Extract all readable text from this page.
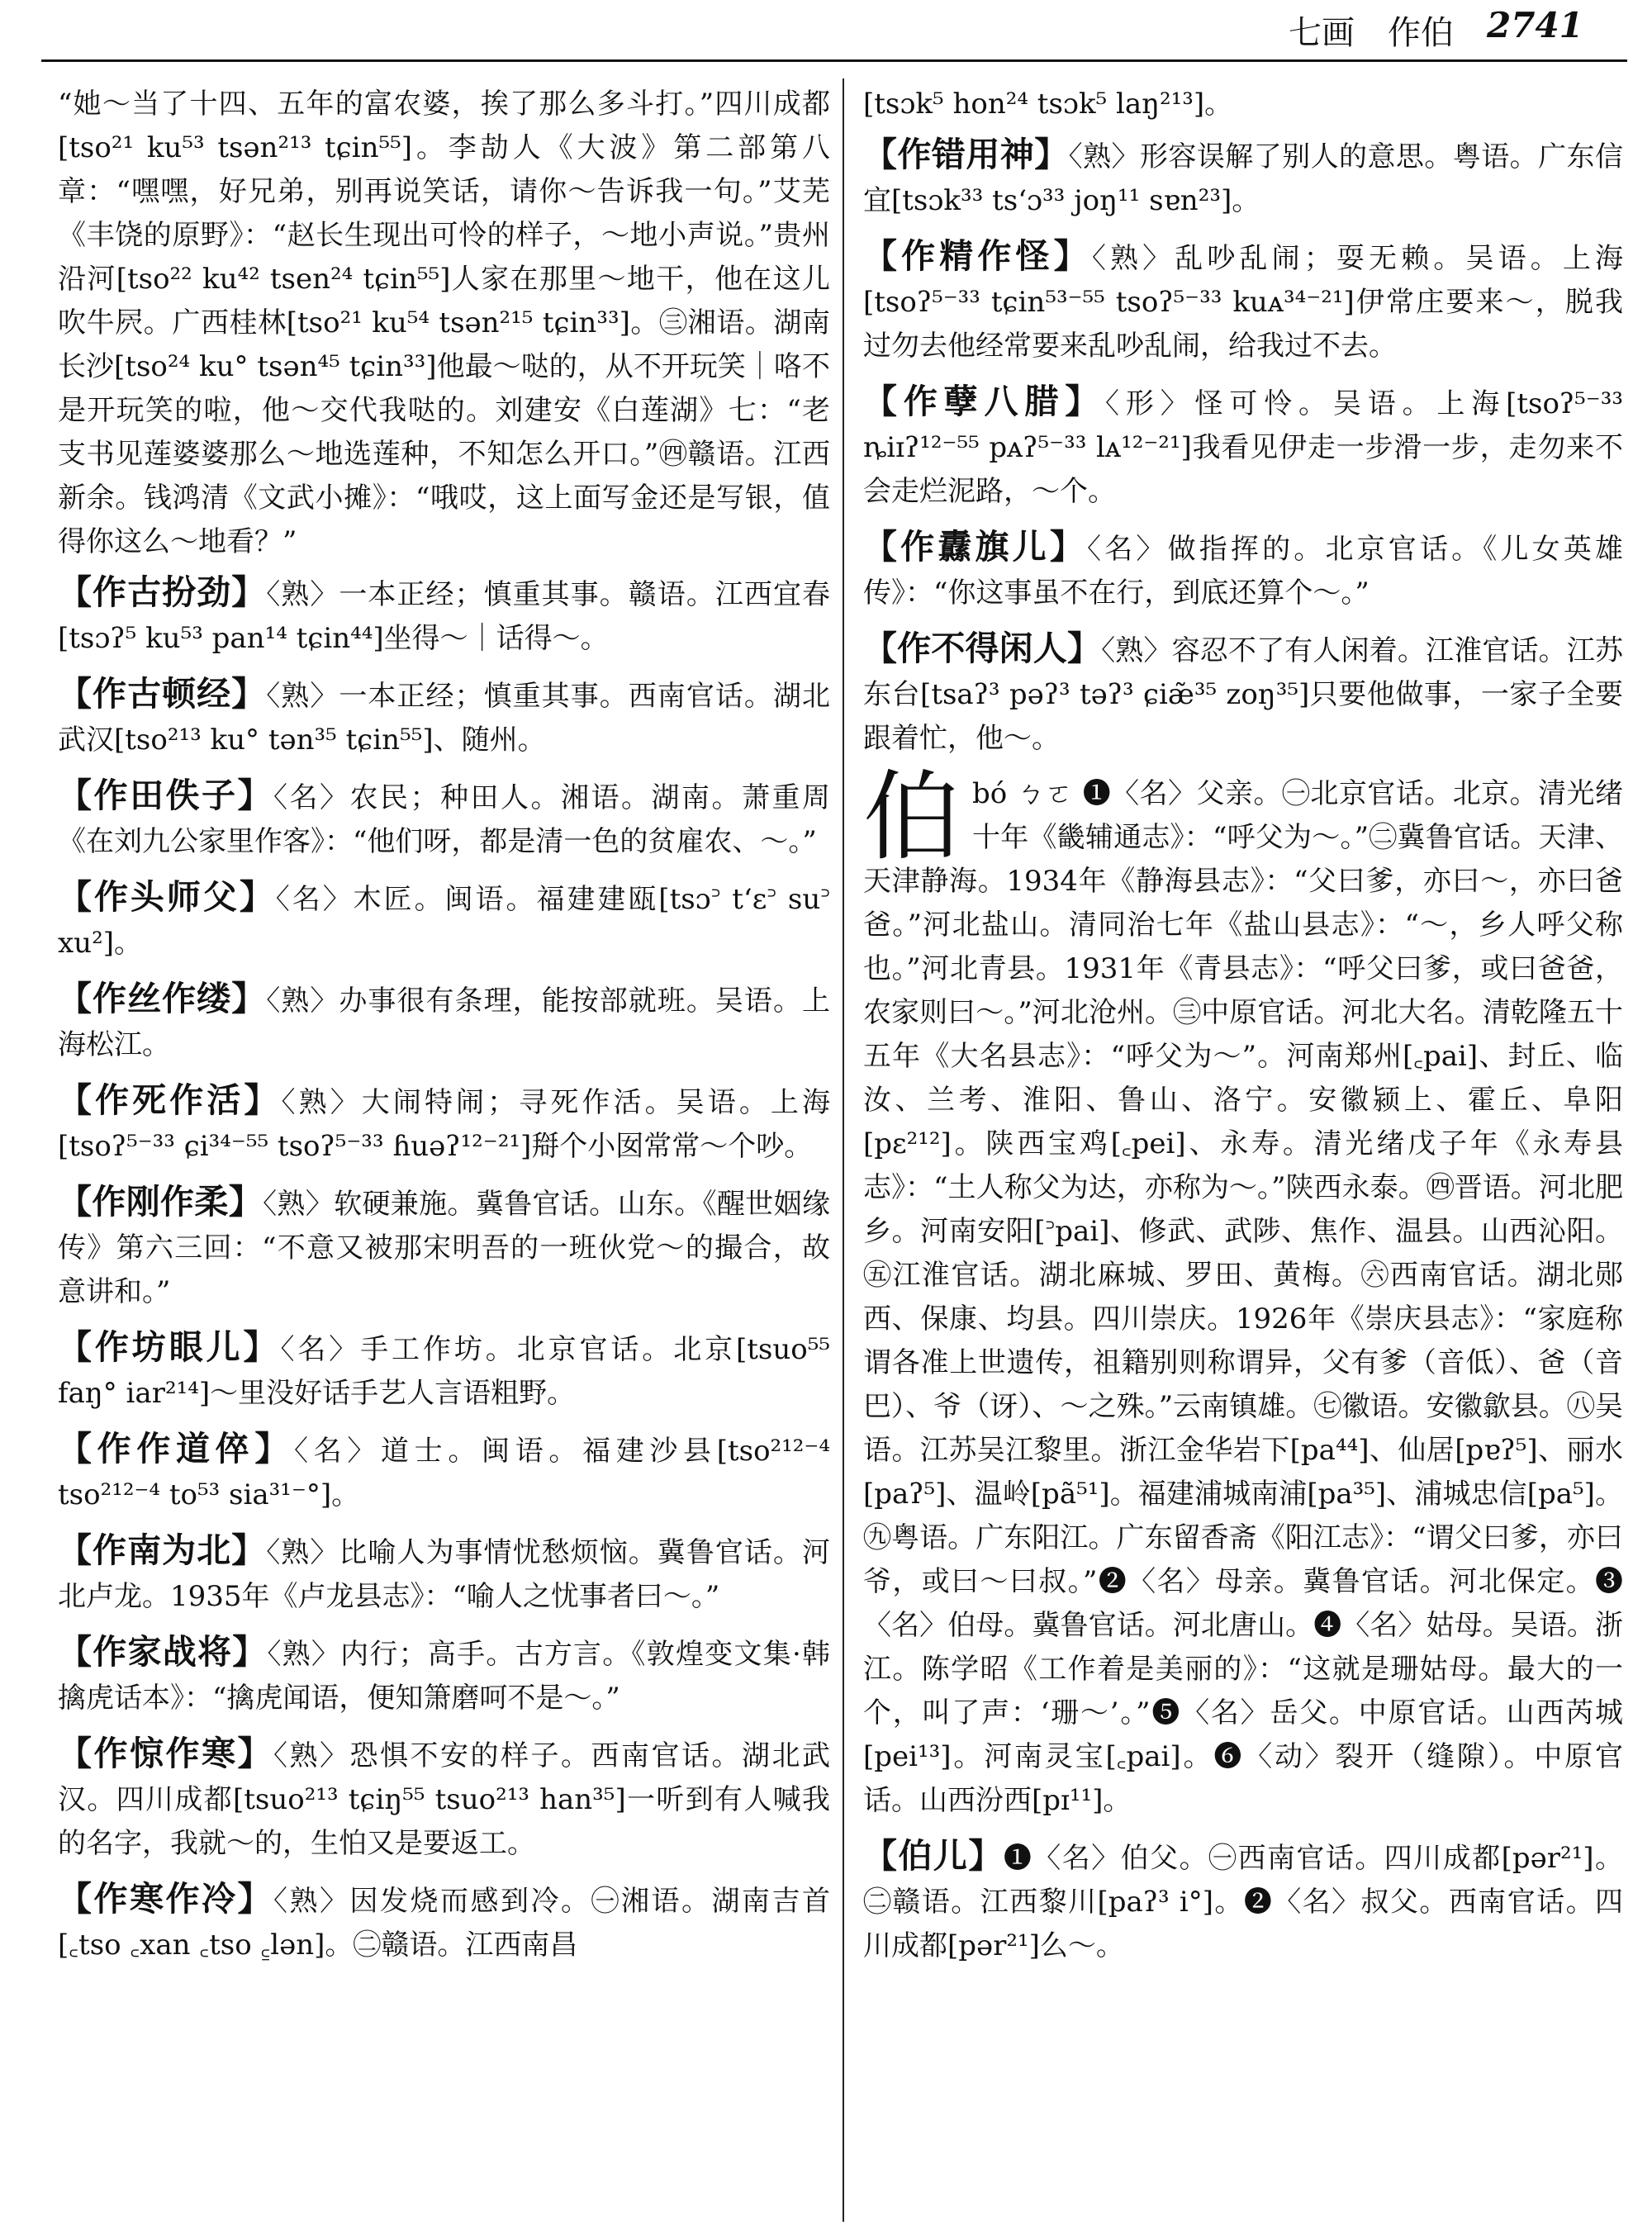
七画　作伯 2741

“她～当了十四、五年的富农婆，挨了那么多斗打。”四川成都[tso²¹ ku⁵³ tsən²¹³ tɕin⁵⁵]。李劼人《大波》第二部第八章：“嘿嘿，好兄弟，别再说笑话，请你～告诉我一句。”艾芜《丰饶的原野》：“赵长生现出可怜的样子，～地小声说。”贵州沿河[tso²² ku⁴² tsen²⁴ tɕin⁵⁵]人家在那里～地干，他在这儿吹牛屄。广西桂林[tso²¹ ku⁵⁴ tsən²¹⁵ tɕin³³]。㊂湘语。湖南长沙[tso²⁴ ku° tsən⁴⁵ tɕin³³]他最～哒的，从不开玩笑｜咯不是开玩笑的啦，他～交代我哒的。刘建安《白莲湖》七：“老支书见莲婆婆那么～地选莲种，不知怎么开口。”㊃赣语。江西新余。钱鸿清《文武小摊》：“哦哎，这上面写金还是写银，值得你这么～地看？”

【作古扮劲】〈熟〉一本正经；慎重其事。赣语。江西宜春[tsɔʔ⁵ ku⁵³ pan¹⁴ tɕin⁴⁴]坐得～｜话得～。

【作古顿经】〈熟〉一本正经；慎重其事。西南官话。湖北武汉[tso²¹³ ku° tən³⁵ tɕin⁵⁵]、随州。

【作田佚子】〈名〉农民；种田人。湘语。湖南。萧重周《在刘九公家里作客》：“他们呀，都是清一色的贫雇农、～。”

【作头师父】〈名〉木匠。闽语。福建建瓯[tsɔ꜄ t‘ɛ꜄ su꜄ xu²]。

【作丝作缕】〈熟〉办事很有条理，能按部就班。吴语。上海松江。

【作死作活】〈熟〉大闹特闹；寻死作活。吴语。上海[tsoʔ⁵⁻³³ ɕi³⁴⁻⁵⁵ tsoʔ⁵⁻³³ ɦuəʔ¹²⁻²¹]搿个小囡常常～个吵。

【作刚作柔】〈熟〉软硬兼施。冀鲁官话。山东。《醒世姻缘传》第六三回：“不意又被那宋明吾的一班伙党～的撮合，故意讲和。”

【作坊眼儿】〈名〉手工作坊。北京官话。北京[tsuo⁵⁵ faŋ° iar²¹⁴]～里没好话手艺人言语粗野。

【作作道倅】〈名〉道士。闽语。福建沙县[tso²¹²⁻⁴ tso²¹²⁻⁴ to⁵³ sia³¹⁻°]。

【作南为北】〈熟〉比喻人为事情忧愁烦恼。冀鲁官话。河北卢龙。1935年《卢龙县志》：“喻人之忧事者曰～。”

【作家战将】〈熟〉内行；高手。古方言。《敦煌变文集·韩擒虎话本》：“擒虎闻语，便知箫磨呵不是～。”

【作惊作寒】〈熟〉恐惧不安的样子。西南官话。湖北武汉。四川成都[tsuo²¹³ tɕiŋ⁵⁵ tsuo²¹³ han³⁵]一听到有人喊我的名字，我就～的，生怕又是要返工。

【作寒作冷】〈熟〉因发烧而感到冷。㊀湘语。湖南吉首[꜀tso ꜀xan ꜀tso ꜁lən]。㊁赣语。江西南昌

[tsɔk⁵ hon²⁴ tsɔk⁵ laŋ²¹³]。

【作错用神】〈熟〉形容误解了别人的意思。粤语。广东信宜[tsɔk³³ ts‘ɔ³³ joŋ¹¹ sɐn²³]。

【作精作怪】〈熟〉乱吵乱闹；耍无赖。吴语。上海[tsoʔ⁵⁻³³ tɕin⁵³⁻⁵⁵ tsoʔ⁵⁻³³ kuᴀ³⁴⁻²¹]伊常庄要来～，脱我过勿去他经常要来乱吵乱闹，给我过不去。

【作孽八腊】〈形〉怪可怜。吴语。上海[tsoʔ⁵⁻³³ ȵiɪʔ¹²⁻⁵⁵ pᴀʔ⁵⁻³³ lᴀ¹²⁻²¹]我看见伊走一步滑一步，走勿来不会走烂泥路，～个。

【作纛旗儿】〈名〉做指挥的。北京官话。《儿女英雄传》：“你这事虽不在行，到底还算个～。”

【作不得闲人】〈熟〉容忍不了有人闲着。江淮官话。江苏东台[tsaʔ³ pəʔ³ təʔ³ ɕiæ̃³⁵ zoŋ³⁵]只要他做事，一家子全要跟着忙，他～。

伯bó ㄅㄛ ❶〈名〉父亲。㊀北京官话。北京。清光绪十年《畿辅通志》：“呼父为～。”㊁冀鲁官话。天津、天津静海。1934年《静海县志》：“父曰爹，亦曰～，亦曰爸爸。”河北盐山。清同治七年《盐山县志》：“～，乡人呼父称也。”河北青县。1931年《青县志》：“呼父曰爹，或曰爸爸，农家则曰～。”河北沧州。㊂中原官话。河北大名。清乾隆五十五年《大名县志》：“呼父为～”。河南郑州[꜀pai]、封丘、临汝、兰考、淮阳、鲁山、洛宁。安徽颍上、霍丘、阜阳[pɛ²¹²]。陕西宝鸡[꜀pei]、永寿。清光绪戊子年《永寿县志》：“土人称父为达，亦称为～。”陕西永泰。㊃晋语。河北肥乡。河南安阳[꜄pai]、修武、武陟、焦作、温县。山西沁阳。㊄江淮官话。湖北麻城、罗田、黄梅。㊅西南官话。湖北郧西、保康、均县。四川崇庆。1926年《崇庆县志》：“家庭称谓各准上世遗传，祖籍别则称谓异，父有爹（音低）、爸（音巴）、爷（讶）、～之殊。”云南镇雄。㊆徽语。安徽歙县。㊇吴语。江苏吴江黎里。浙江金华岩下[pa⁴⁴]、仙居[pɐʔ⁵]、丽水[paʔ⁵]、温岭[pã⁵¹]。福建浦城南浦[pa³⁵]、浦城忠信[pa⁵]。㊈粤语。广东阳江。广东留香斋《阳江志》：“谓父曰爹，亦曰爷，或曰～曰叔。”❷〈名〉母亲。冀鲁官话。河北保定。❸〈名〉伯母。冀鲁官话。河北唐山。❹〈名〉姑母。吴语。浙江。陈学昭《工作着是美丽的》：“这就是珊姑母。最大的一个，叫了声：‘珊～’。”❺〈名〉岳父。中原官话。山西芮城[pei¹³]。河南灵宝[꜀pai]。❻〈动〉裂开（缝隙）。中原官话。山西汾西[pɪ¹¹]。

【伯儿】❶〈名〉伯父。㊀西南官话。四川成都[pər²¹]。㊁赣语。江西黎川[paʔ³ i°]。❷〈名〉叔父。西南官话。四川成都[pər²¹]么～。
